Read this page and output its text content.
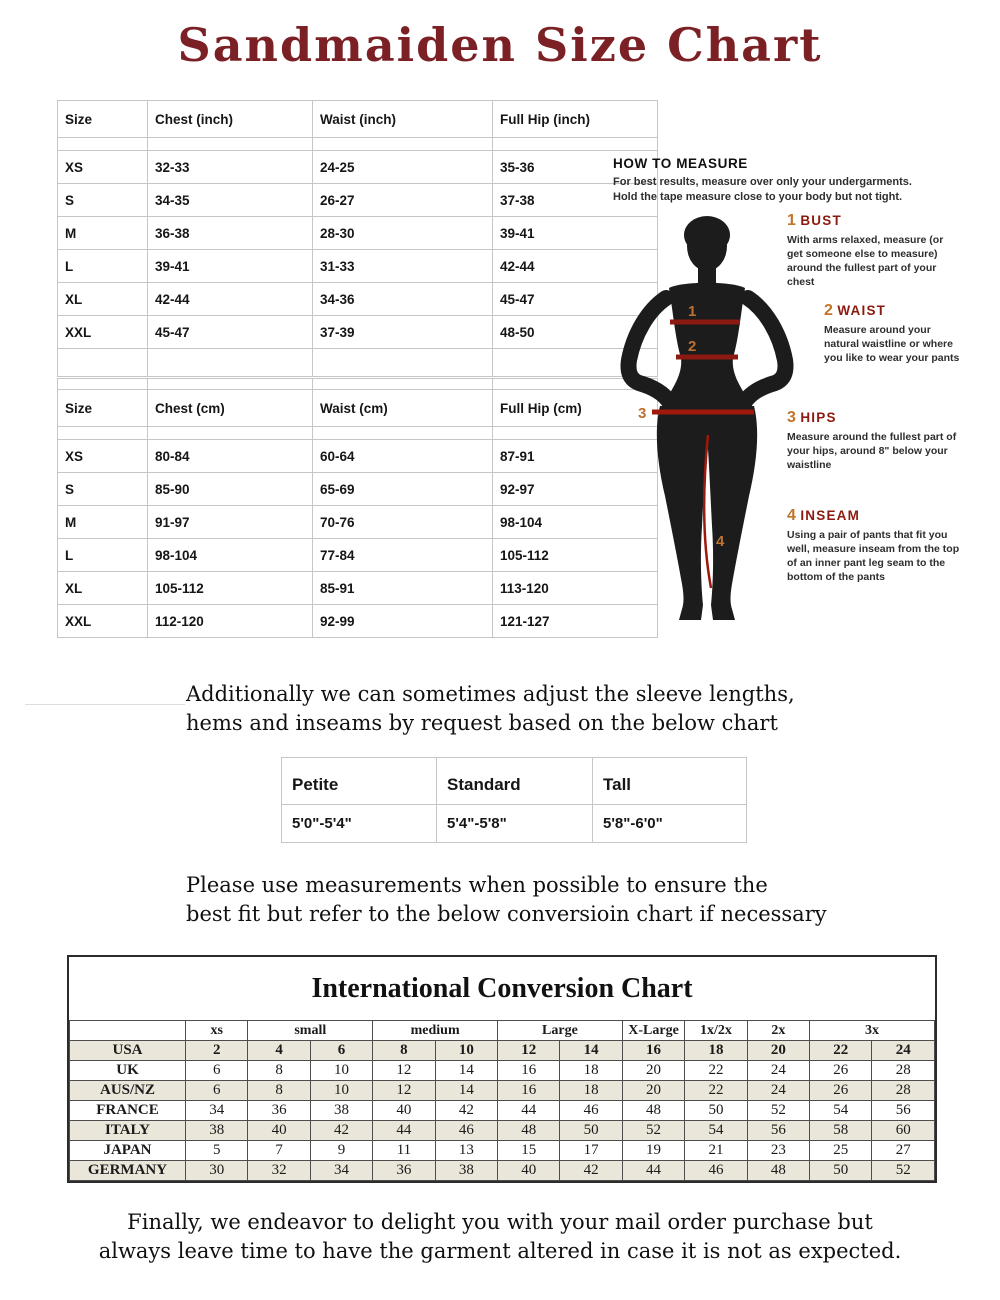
Sandmaiden Size Chart
Size	Chest (inch)	Waist (inch)	Full Hip (inch)

XS	32-33	24-25	35-36
S	34-35	26-27	37-38
M	36-38	28-30	39-41
L	39-41	31-33	42-44
XL	42-44	34-36	45-47
XXL	45-47	37-39	48-50

Size	Chest (cm)	Waist (cm)	Full Hip (cm)

XS	80-84	60-64	87-91
S	85-90	65-69	92-97
M	91-97	70-76	98-104
L	98-104	77-84	105-112
XL	105-112	85-91	113-120
XXL	112-120	92-99	121-127
HOW TO MEASURE
For best results, measure over only your undergarments.
Hold the tape measure close to your body but not tight.
1
2
3
4
1 BUST
With arms relaxed, measure (or get someone else to measure) around the fullest part of your chest
2 WAIST
Measure around your natural waistline or where you like to wear your pants
3 HIPS
Measure around the fullest part of your hips, around 8" below your waistline
4 INSEAM
Using a pair of pants that fit you well, measure inseam from the top of an inner pant leg seam to the bottom of the pants
Additionally we can sometimes adjust the sleeve lengths,
hems and inseams by request based on the below chart
Petite	Standard	Tall
5'0"-5'4"	5'4"-5'8"	5'8"-6'0"
Please use measurements when possible to ensure the
best fit but refer to the below conversioin chart if necessary
International Conversion Chart
	xs	small		medium		Large		X-Large	1x/2x	2x	3x	
USA	2	4	6	8	10	12	14	16	18	20	22	24
UK	6	8	10	12	14	16	18	20	22	24	26	28
AUS/NZ	6	8	10	12	14	16	18	20	22	24	26	28
FRANCE	34	36	38	40	42	44	46	48	50	52	54	56
ITALY	38	40	42	44	46	48	50	52	54	56	58	60
JAPAN	5	7	9	11	13	15	17	19	21	23	25	27
GERMANY	30	32	34	36	38	40	42	44	46	48	50	52
Finally, we endeavor to delight you with your mail order purchase but
always leave time to have the garment altered in case it is not as expected.
